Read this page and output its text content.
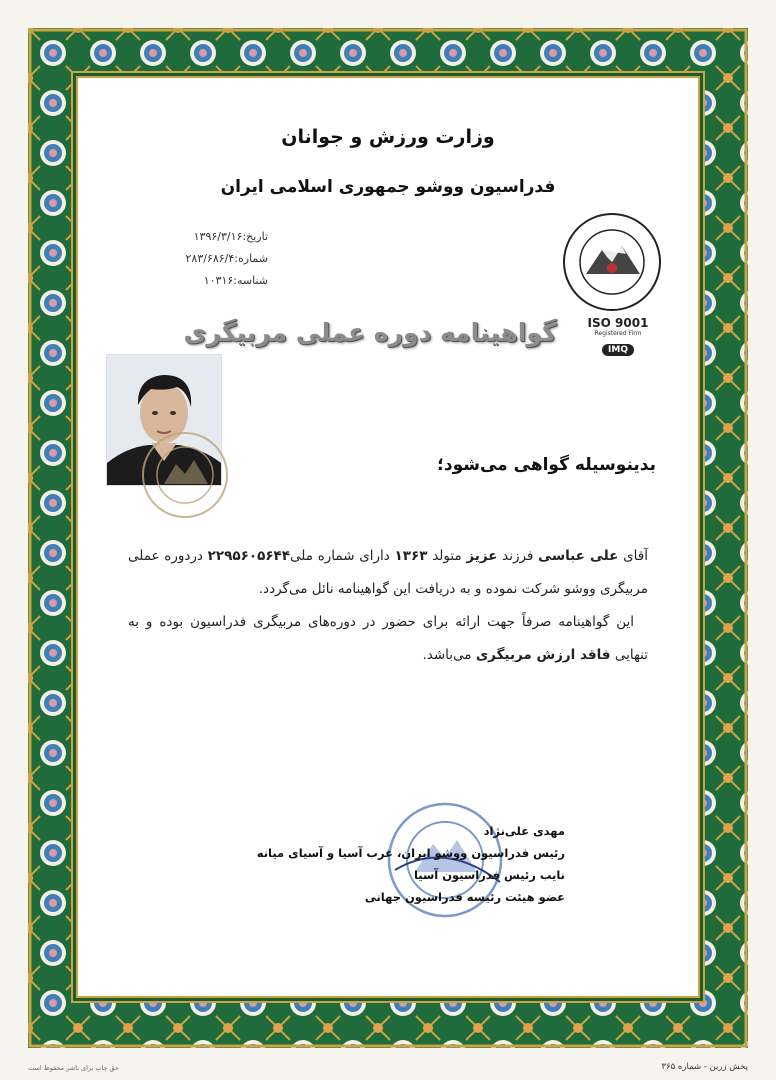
وزارت ورزش و جوانان
فدراسیون ووشو جمهوری اسلامی ایران
تاریخ:۱۳۹۶/۳/۱۶
شماره:۲۸۳/۶۸۶/۴
شناسه:۱۰۳۱۶
ISO 9001
Registered Firm
IMQ
گواهینامه دوره عملی مربیگری
بدینوسیله گواهی می‌شود؛

آقای علی عباسی فرزند عزیز متولد ۱۳۶۳ دارای شماره ملی۲۲۹۵۶۰۵۶۴۴ دردوره عملی مربیگری ووشو شرکت نموده و به دریافت این گواهینامه نائل می‌گردد.

این گواهینامه صرفاً جهت ارائه برای حضور در دوره‌های مربیگری فدراسیون بوده و به تنهایی فاقد ارزش مربیگری می‌باشد.

مهدی علی‌نژاد
رئیس فدراسیون ووشو ایران، غرب آسیا و آسیای میانه
نایب رئیس فدراسیون آسیا
عضو هیئت رئیسه فدراسیون جهانی
پخش زرین - شماره ۳۶۵
حق چاپ برای ناشر محفوظ است
